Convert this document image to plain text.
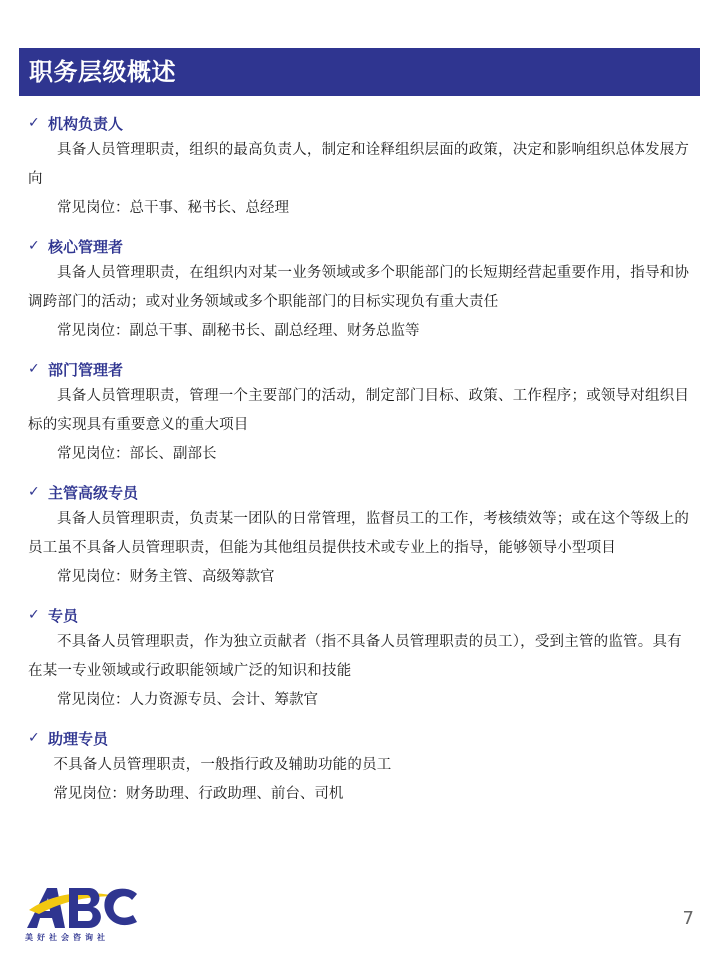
职务层级概述
✓ 机构负责人

具备人员管理职责，组织的最高负责人，制定和诠释组织层面的政策，决定和影响组织总体发展方向

常见岗位：总干事、秘书长、总经理

✓ 核心管理者

具备人员管理职责，在组织内对某一业务领域或多个职能部门的长短期经营起重要作用，指导和协调跨部门的活动；或对业务领域或多个职能部门的目标实现负有重大责任

常见岗位：副总干事、副秘书长、副总经理、财务总监等

✓ 部门管理者

具备人员管理职责，管理一个主要部门的活动，制定部门目标、政策、工作程序；或领导对组织目标的实现具有重要意义的重大项目

常见岗位：部长、副部长

✓ 主管高级专员

具备人员管理职责，负责某一团队的日常管理，监督员工的工作，考核绩效等；或在这个等级上的员工虽不具备人员管理职责，但能为其他组员提供技术或专业上的指导，能够领导小型项目

常见岗位：财务主管、高级筹款官

✓ 专员

不具备人员管理职责，作为独立贡献者（指不具备人员管理职责的员工），受到主管的监管。具有在某一专业领域或行政职能领域广泛的知识和技能

常见岗位：人力资源专员、会计、筹款官

✓ 助理专员

不具备人员管理职责，一般指行政及辅助功能的员工

常见岗位：财务助理、行政助理、前台、司机

美好社会咨询社
7
